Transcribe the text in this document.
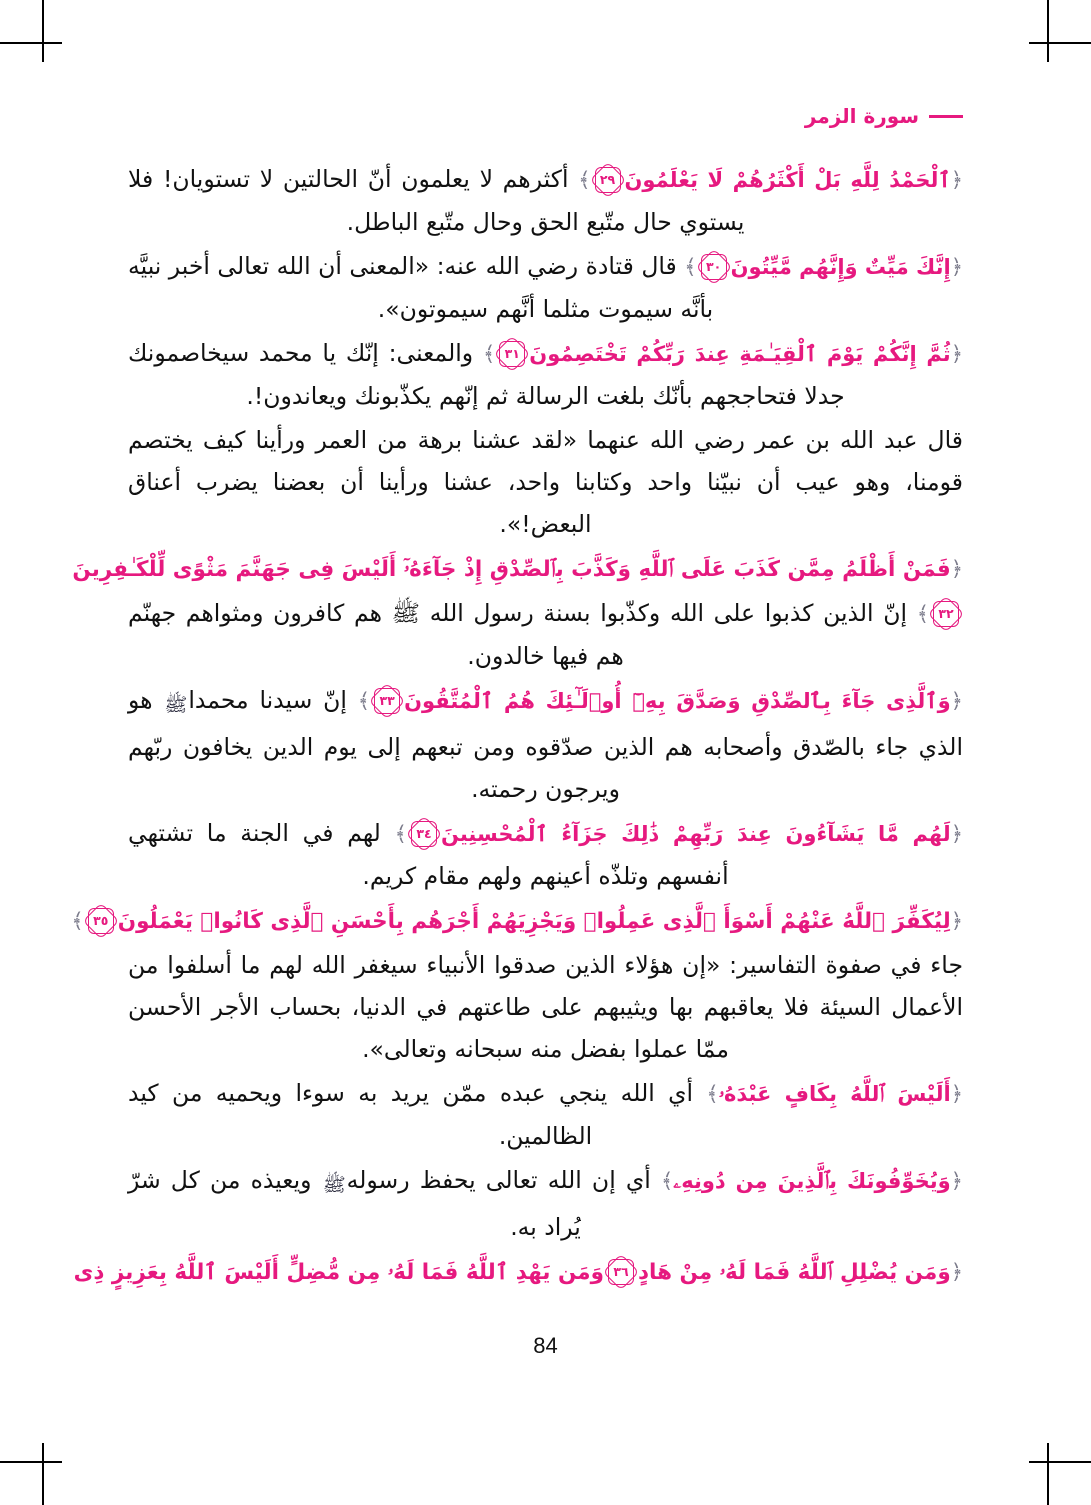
سورة الزمر

﴿ٱلْحَمْدُ لِلَّهِ بَلْ أَكْثَرُهُمْ لَا يَعْلَمُونَ
٢٩
﴾ أكثرهم لا يعلمون أنّ الحالتين لا تستويان! فلا يستوي حال متّبع الحق وحال متّبع الباطل.

﴿إِنَّكَ مَيِّتٌ وَإِنَّهُم مَّيِّتُونَ
٣٠
﴾ قال قتادة رضي الله عنه: «المعنى أن الله تعالى أخبر نبيَّه بأنَّه سيموت مثلما أنَّهم سيموتون».

﴿ثُمَّ إِنَّكُمْ يَوْمَ ٱلْقِيَـٰمَةِ عِندَ رَبِّكُمْ تَخْتَصِمُونَ
٣١
﴾ والمعنى: إنّك يا محمد سيخاصمونك جدلا فتحاججهم بأنّك بلغت الرسالة ثم إنّهم يكذّبونك ويعاندون!.

قال عبد الله بن عمر رضي الله عنهما «لقد عشنا برهة من العمر ورأينا كيف يختصم قومنا، وهو عيب أن نبيّنا واحد وكتابنا واحد، عشنا ورأينا أن بعضنا يضرب أعناق البعض!».

﴿فَمَنْ أَظْلَمُ مِمَّن كَذَبَ عَلَى ٱللَّهِ وَكَذَّبَ بِٱلصِّدْقِ إِذْ جَآءَهُۥٓ أَلَيْسَ فِى جَهَنَّمَ مَثْوًى لِّلْكَـٰفِرِينَ
٣٢
﴾ إنّ الذين كذبوا على الله وكذّبوا بسنة رسول الله ﷺ هم كافرون ومثواهم جهنّم هم فيها خالدون.

﴿وَٱلَّذِى جَآءَ بِٱلصِّدْقِ وَصَدَّقَ بِهِۦٓ أُو۟لَـٰٓئِكَ هُمُ ٱلْمُتَّقُونَ
٣٣
﴾ إنّ سيدنا محمداﷺ هو الذي جاء بالصّدق وأصحابه هم الذين صدّقوه ومن تبعهم إلى يوم الدين يخافون ربّهم ويرجون رحمته.

﴿لَهُم مَّا يَشَآءُونَ عِندَ رَبِّهِمْ ذَٰلِكَ جَزَآءُ ٱلْمُحْسِنِينَ
٣٤
﴾ لهم في الجنة ما تشتهي أنفسهم وتلذّه أعينهم ولهم مقام كريم.

﴿لِيُكَفِّرَ ٱللَّهُ عَنْهُمْ أَسْوَأَ ٱلَّذِى عَمِلُوا۟ وَيَجْزِيَهُمْ أَجْرَهُم بِأَحْسَنِ ٱلَّذِى كَانُوا۟ يَعْمَلُونَ
٣٥
﴾
جاء في صفوة التفاسير: «إن هؤلاء الذين صدقوا الأنبياء سيغفر الله لهم ما أسلفوا من الأعمال السيئة فلا يعاقبهم بها ويثيبهم على طاعتهم في الدنيا، بحساب الأجر الأحسن ممّا عملوا بفضل منه سبحانه وتعالى».

﴿أَلَيْسَ ٱللَّهُ بِكَافٍ عَبْدَهُۥ﴾ أي الله ينجي عبده ممّن يريد به سوءا ويحميه من كيد الظالمين.

﴿وَيُخَوِّفُونَكَ بِٱلَّذِينَ مِن دُونِهِۦ﴾ أي إن الله تعالى يحفظ رسولهﷺ ويعيذه من كل شرّ يُراد به.

﴿وَمَن يُضْلِلِ ٱللَّهُ فَمَا لَهُۥ مِنْ هَادٍ
٣٦
وَمَن يَهْدِ ٱللَّهُ فَمَا لَهُۥ مِن مُّضِلٍّ أَلَيْسَ ٱللَّهُ بِعَزِيزٍ ذِى

84
